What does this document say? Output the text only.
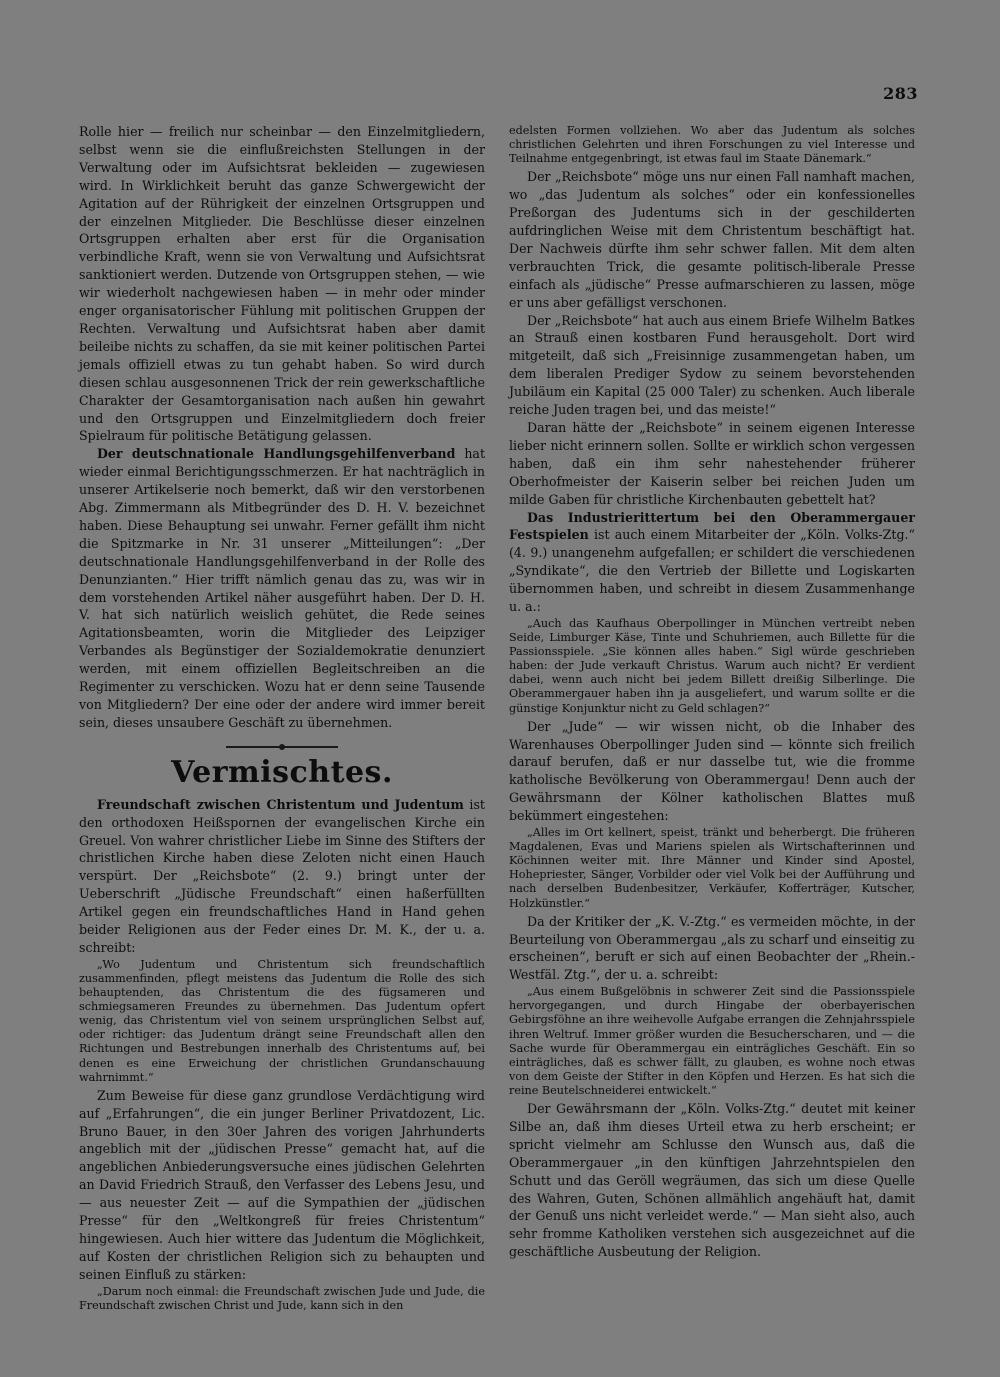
283

Rolle hier — freilich nur scheinbar — den Einzelmitgliedern, selbst wenn sie die einflußreichsten Stellungen in der Verwaltung oder im Aufsichtsrat bekleiden — zugewiesen wird. In Wirklichkeit beruht das ganze Schwergewicht der Agitation auf der Rührigkeit der einzelnen Ortsgruppen und der einzelnen Mitglieder. Die Beschlüsse dieser einzelnen Ortsgruppen erhalten aber erst für die Organisation verbindliche Kraft, wenn sie von Verwaltung und Aufsichtsrat sanktioniert werden. Dutzende von Ortsgruppen stehen, — wie wir wiederholt nachgewiesen haben — in mehr oder minder enger organisatorischer Fühlung mit politischen Gruppen der Rechten. Verwaltung und Aufsichtsrat haben aber damit beileibe nichts zu schaffen, da sie mit keiner politischen Partei jemals offiziell etwas zu tun gehabt haben. So wird durch diesen schlau ausgesonnenen Trick der rein gewerkschaftliche Charakter der Gesamtorganisation nach außen hin gewahrt und den Ortsgruppen und Einzelmitgliedern doch freier Spielraum für politische Betätigung gelassen.

Der deutschnationale Handlungsgehilfenverband hat wieder einmal Berichtigungsschmerzen. Er hat nachträglich in unserer Artikelserie noch bemerkt, daß wir den verstorbenen Abg. Zimmermann als Mitbegründer des D. H. V. bezeichnet haben. Diese Behauptung sei unwahr. Ferner gefällt ihm nicht die Spitzmarke in Nr. 31 unserer „Mitteilungen“: „Der deutschnationale Handlungsgehilfenverband in der Rolle des Denunzianten.“ Hier trifft nämlich genau das zu, was wir in dem vorstehenden Artikel näher ausgeführt haben. Der D. H. V. hat sich natürlich weislich gehütet, die Rede seines Agitationsbeamten, worin die Mitglieder des Leipziger Verbandes als Begünstiger der Sozialdemokratie denunziert werden, mit einem offiziellen Begleitschreiben an die Regimenter zu verschicken. Wozu hat er denn seine Tausende von Mitgliedern? Der eine oder der andere wird immer bereit sein, dieses unsaubere Geschäft zu übernehmen.

Vermischtes.

Freundschaft zwischen Christentum und Judentum ist den orthodoxen Heißspornen der evangelischen Kirche ein Greuel. Von wahrer christlicher Liebe im Sinne des Stifters der christlichen Kirche haben diese Zeloten nicht einen Hauch verspürt. Der „Reichsbote“ (2. 9.) bringt unter der Ueberschrift „Jüdische Freundschaft“ einen haßerfüllten Artikel gegen ein freundschaftliches Hand in Hand gehen beider Religionen aus der Feder eines Dr. M. K., der u. a. schreibt:

„Wo Judentum und Christentum sich freundschaftlich zusammenfinden, pflegt meistens das Judentum die Rolle des sich behauptenden, das Christentum die des fügsameren und schmiegsameren Freundes zu übernehmen. Das Judentum opfert wenig, das Christentum viel von seinem ursprünglichen Selbst auf, oder richtiger: das Judentum drängt seine Freundschaft allen den Richtungen und Bestrebungen innerhalb des Christentums auf, bei denen es eine Erweichung der christlichen Grundanschauung wahrnimmt.“

Zum Beweise für diese ganz grundlose Verdächtigung wird auf „Erfahrungen“, die ein junger Berliner Privatdozent, Lic. Bruno Bauer, in den 30er Jahren des vorigen Jahrhunderts angeblich mit der „jüdischen Presse“ gemacht hat, auf die angeblichen Anbiederungsversuche eines jüdischen Gelehrten an David Friedrich Strauß, den Verfasser des Lebens Jesu, und — aus neuester Zeit — auf die Sympathien der „jüdischen Presse“ für den „Weltkongreß für freies Christentum“ hingewiesen. Auch hier wittere das Judentum die Möglichkeit, auf Kosten der christlichen Religion sich zu behaupten und seinen Einfluß zu stärken:

„Darum noch einmal: die Freundschaft zwischen Jude und Jude, die Freundschaft zwischen Christ und Jude, kann sich in den

edelsten Formen vollziehen. Wo aber das Judentum als solches christlichen Gelehrten und ihren Forschungen zu viel Interesse und Teilnahme entgegenbringt, ist etwas faul im Staate Dänemark.“

Der „Reichsbote“ möge uns nur einen Fall namhaft machen, wo „das Judentum als solches“ oder ein konfessionelles Preßorgan des Judentums sich in der geschilderten aufdringlichen Weise mit dem Christentum beschäftigt hat. Der Nachweis dürfte ihm sehr schwer fallen. Mit dem alten verbrauchten Trick, die gesamte politisch-liberale Presse einfach als „jüdische“ Presse aufmarschieren zu lassen, möge er uns aber gefälligst verschonen.

Der „Reichsbote“ hat auch aus einem Briefe Wilhelm Batkes an Strauß einen kostbaren Fund herausgeholt. Dort wird mitgeteilt, daß sich „Freisinnige zusammengetan haben, um dem liberalen Prediger Sydow zu seinem bevorstehenden Jubiläum ein Kapital (25 000 Taler) zu schenken. Auch liberale reiche Juden tragen bei, und das meiste!“

Daran hätte der „Reichsbote“ in seinem eigenen Interesse lieber nicht erinnern sollen. Sollte er wirklich schon vergessen haben, daß ein ihm sehr nahestehender früherer Oberhofmeister der Kaiserin selber bei reichen Juden um milde Gaben für christliche Kirchenbauten gebettelt hat?

Das Industrierittertum bei den Oberammergauer Festspielen ist auch einem Mitarbeiter der „Köln. Volks-Ztg.“ (4. 9.) unangenehm aufgefallen; er schildert die verschiedenen „Syndikate“, die den Vertrieb der Billette und Logiskarten übernommen haben, und schreibt in diesem Zusammenhange u. a.:

„Auch das Kaufhaus Oberpollinger in München vertreibt neben Seide, Limburger Käse, Tinte und Schuhriemen, auch Billette für die Passionsspiele. „Sie können alles haben.“ Sigl würde geschrieben haben: der Jude verkauft Christus. Warum auch nicht? Er verdient dabei, wenn auch nicht bei jedem Billett dreißig Silberlinge. Die Oberammergauer haben ihn ja ausgeliefert, und warum sollte er die günstige Konjunktur nicht zu Geld schlagen?“

Der „Jude“ — wir wissen nicht, ob die Inhaber des Warenhauses Oberpollinger Juden sind — könnte sich freilich darauf berufen, daß er nur dasselbe tut, wie die fromme katholische Bevölkerung von Oberammergau! Denn auch der Gewährsmann der Kölner katholischen Blattes muß bekümmert eingestehen:

„Alles im Ort kellnert, speist, tränkt und beherbergt. Die früheren Magdalenen, Evas und Mariens spielen als Wirtschafterinnen und Köchinnen weiter mit. Ihre Männer und Kinder sind Apostel, Hohepriester, Sänger, Vorbilder oder viel Volk bei der Aufführung und nach derselben Budenbesitzer, Verkäufer, Kofferträger, Kutscher, Holzkünstler.“

Da der Kritiker der „K. V.-Ztg.“ es vermeiden möchte, in der Beurteilung von Oberammergau „als zu scharf und einseitig zu erscheinen“, beruft er sich auf einen Beobachter der „Rhein.-Westfäl. Ztg.“, der u. a. schreibt:

„Aus einem Bußgelöbnis in schwerer Zeit sind die Passionsspiele hervorgegangen, und durch Hingabe der oberbayerischen Gebirgsföhne an ihre weihevolle Aufgabe errangen die Zehnjahrsspiele ihren Weltruf. Immer größer wurden die Besucherscharen, und — die Sache wurde für Oberammergau ein einträgliches Geschäft. Ein so einträgliches, daß es schwer fällt, zu glauben, es wohne noch etwas von dem Geiste der Stifter in den Köpfen und Herzen. Es hat sich die reine Beutelschneiderei entwickelt.“

Der Gewährsmann der „Köln. Volks-Ztg.“ deutet mit keiner Silbe an, daß ihm dieses Urteil etwa zu herb erscheint; er spricht vielmehr am Schlusse den Wunsch aus, daß die Oberammergauer „in den künftigen Jahrzehntspielen den Schutt und das Geröll wegräumen, das sich um diese Quelle des Wahren, Guten, Schönen allmählich angehäuft hat, damit der Genuß uns nicht verleidet werde.“ — Man sieht also, auch sehr fromme Katholiken verstehen sich ausgezeichnet auf die geschäftliche Ausbeutung der Religion.
